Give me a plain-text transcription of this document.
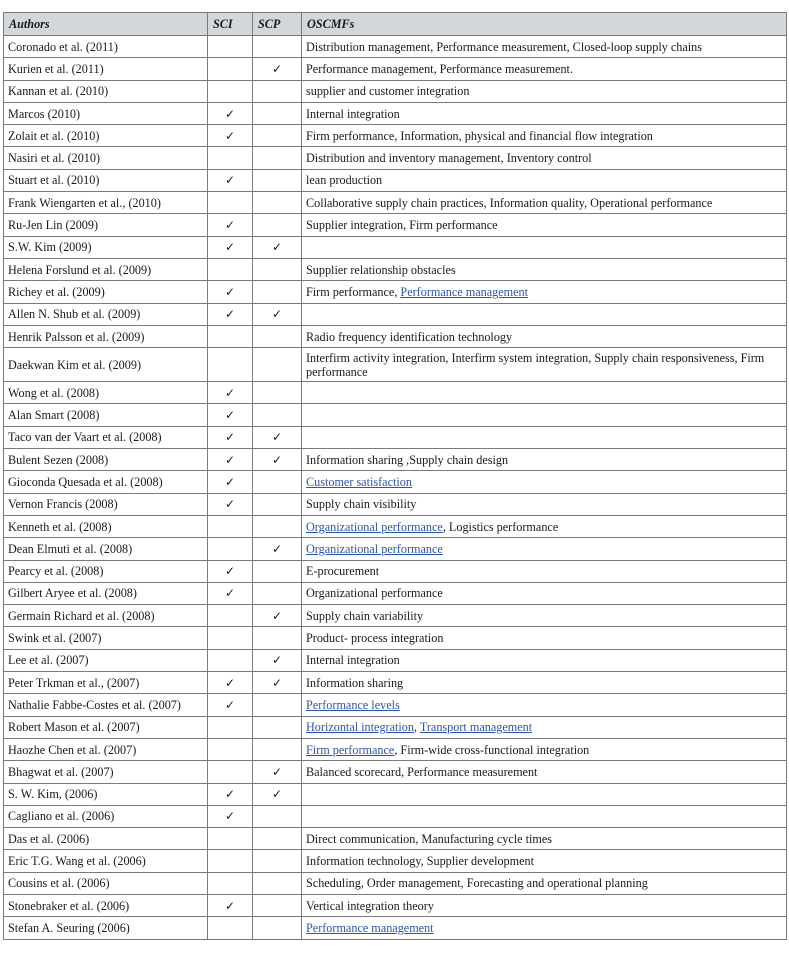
Authors	SCI	SCP	OSCMFs
Coronado et al. (2011)			Distribution management, Performance measurement, Closed-loop supply chains
Kurien et al. (2011)		✓	Performance management, Performance measurement.
Kannan et al. (2010)			supplier and customer integration
Marcos (2010)	✓		Internal integration
Zolait et al. (2010)	✓		Firm performance, Information, physical and financial flow integration
Nasiri et al. (2010)			Distribution and inventory management, Inventory control
Stuart et al. (2010)	✓		lean production
Frank Wiengarten et al., (2010)			Collaborative supply chain practices, Information quality, Operational performance
Ru-Jen Lin (2009)	✓		Supplier integration, Firm performance
S.W. Kim (2009)	✓	✓	
Helena Forslund et al. (2009)			Supplier relationship obstacles
Richey et al. (2009)	✓		Firm performance, Performance management
Allen N. Shub et al. (2009)	✓	✓	
Henrik Palsson et al. (2009)			Radio frequency identification technology
Daekwan Kim et al. (2009)			Interfirm activity integration, Interfirm system integration, Supply chain responsiveness, Firm performance
Wong et al. (2008)	✓		
Alan Smart (2008)	✓		
Taco van der Vaart et al. (2008)	✓	✓	
Bulent Sezen (2008)	✓	✓	Information sharing ,Supply chain design
Gioconda Quesada et al. (2008)	✓		Customer satisfaction
Vernon Francis (2008)	✓		Supply chain visibility
Kenneth et al. (2008)			Organizational performance, Logistics performance
Dean Elmuti et al. (2008)		✓	Organizational performance
Pearcy et al. (2008)	✓		E-procurement
Gilbert Aryee et al. (2008)	✓		Organizational performance
Germain Richard et al. (2008)		✓	Supply chain variability
Swink et al. (2007)			Product- process integration
Lee et al. (2007)		✓	Internal integration
Peter Trkman et al., (2007)	✓	✓	Information sharing
Nathalie Fabbe-Costes et al. (2007)	✓		Performance levels
Robert Mason et al. (2007)			Horizontal integration, Transport management
Haozhe Chen et al. (2007)			Firm performance, Firm-wide cross-functional integration
Bhagwat et al. (2007)		✓	Balanced scorecard, Performance measurement
S. W. Kim, (2006)	✓	✓	
Cagliano et al. (2006)	✓		
Das et al. (2006)			Direct communication, Manufacturing cycle times
Eric T.G. Wang et al. (2006)			Information technology, Supplier development
Cousins et al. (2006)			Scheduling, Order management, Forecasting and operational planning
Stonebraker et al. (2006)	✓		Vertical integration theory
Stefan A. Seuring (2006)			Performance management
